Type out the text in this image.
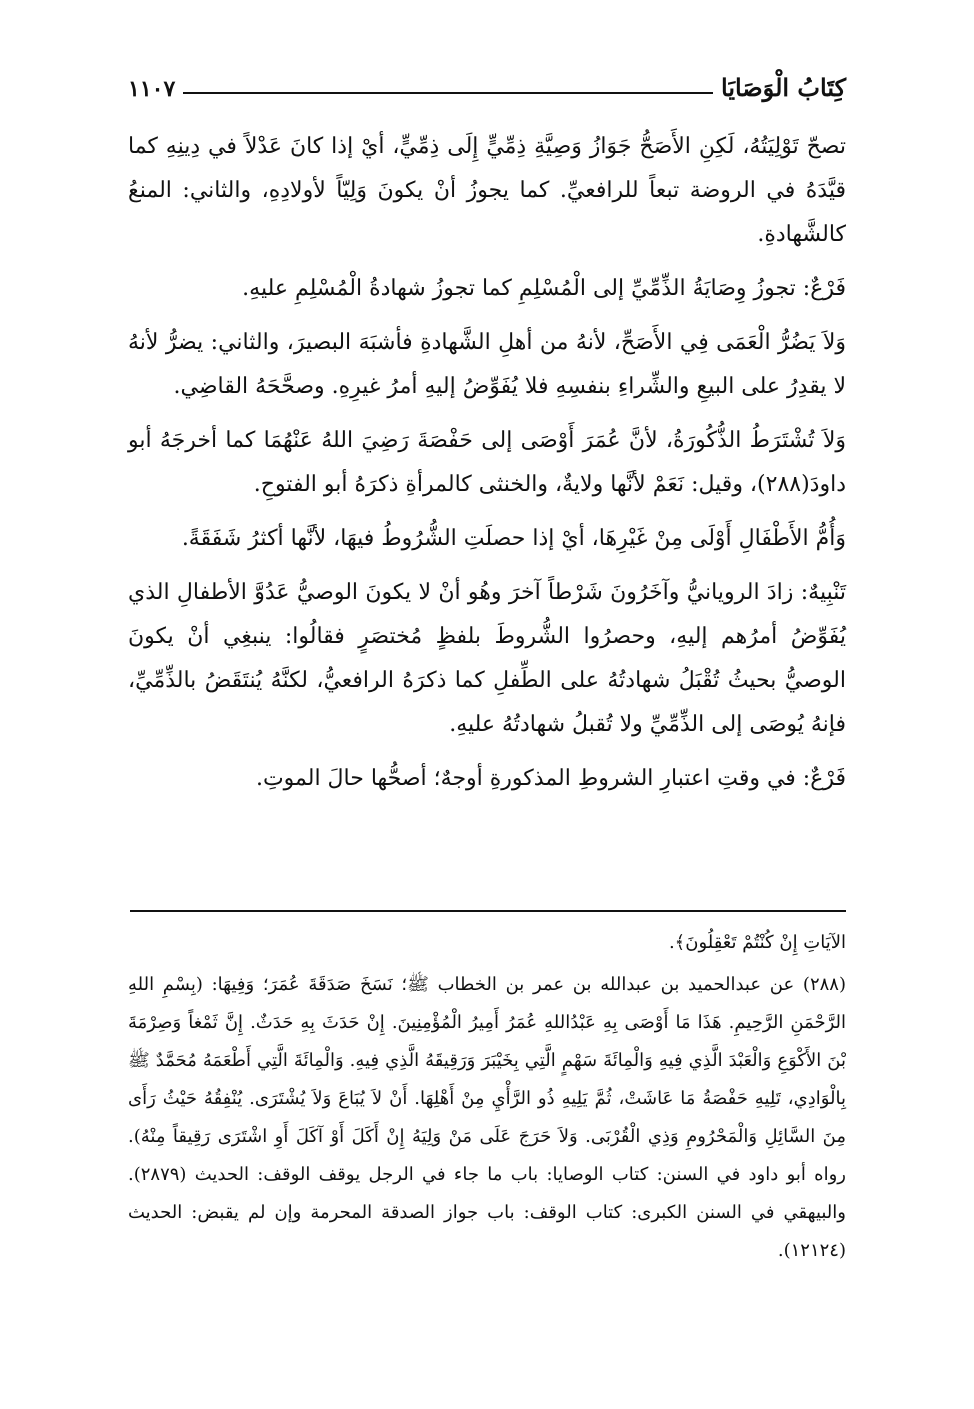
كِتَابُ الْوَصَايَا
١١٠٧

تصحّ تَوْلِيَتُهُ، لَكِنِ الأَصَحُّ جَوَازُ وَصِيَّةِ ذِمِّيٍّ إِلَى ذِمِّيٍّ، أيْ إذا كانَ عَدْلاً في دِينِهِ كما قيَّدَهُ في الروضة تبعاً للرافعيِّ. كما يجوزُ أنْ يكونَ وَلِيّاً لأولادِهِ، والثاني: المنعُ كالشَّهادةِ.

فَرْعٌ: تجوزُ وِصَايَةُ الذِّمِّيِّ إلى الْمُسْلِمِ كما تجوزُ شهادةُ الْمُسْلِمِ عليهِ.

وَلاَ يَضُرُّ الْعَمَى فِي الأَصَحِّ، لأنهُ من أهلِ الشَّهادةِ فأشبَهَ البصيرَ، والثاني: يضرُّ لأنهُ لا يقدِرُ على البيعِ والشِّراءِ بنفسِهِ فلا يُفَوِّضُ إليهِ أمرُ غيرِهِ. وصحَّحَهُ القاضِي.

وَلاَ تُشْتَرَطُ الذُّكُورَةُ، لأنَّ عُمَرَ أَوْصَى إلى حَفْصَةَ رَضِيَ اللهُ عَنْهُمَا كما أخرجَهُ أبو داودَ(٢٨٨)، وقيل: نَعَمْ لأنَّها ولايةٌ، والخنثى كالمرأةِ ذكرَهُ أبو الفتوحِ.

وَأُمُّ الأَطْفَالِ أَوْلَى مِنْ غَيْرِهَا، أيْ إذا حصلَتِ الشُّرُوطُ فيهَا، لأنَّها أكثرُ شَفَقَةً.

تَنْبِيهٌ: زادَ الرويانيُّ وآخَرُونَ شَرْطاً آخرَ وهُو أنْ لا يكونَ الوصيُّ عَدُوَّ الأطفالِ الذي يُفَوِّضُ أمرُهم إليهِ، وحصرُوا الشُّروطَ بلفظٍ مُختصَرٍ فقالُوا: ينبغِي أنْ يكونَ الوصيُّ بحيثُ تُقْبَلُ شهادتُهُ على الطِّفلِ كما ذكرَهُ الرافعيُّ، لكنَّهُ يُنتَقَضُ بالذِّمِّيِّ، فإنهُ يُوصَى إلى الذِّمِّيِّ ولا تُقبلُ شهادتُهُ عليهِ.

فَرْعٌ: في وقتِ اعتبارِ الشروطِ المذكورةِ أوجهٌ؛ أصحُّها حالَ الموتِ.

الآيَاتِ إِنْ كُنْتُمْ تَعْقِلُونَ﴾.

(٢٨٨) عن عبدالحميد بن عبدالله بن عمر بن الخطاب ﷺ؛ نَسَخَ صَدَقَةَ عُمَرَ؛ وَفِيهَا: (بِسْمِ اللهِ الرَّحْمَنِ الرَّحِيمِ. هَذَا مَا أَوْصَى بِهِ عَبْدُاللهِ عُمَرُ أَمِيرُ الْمُؤْمِنِينَ. إِنْ حَدَثَ بِهِ حَدَثٌ. إِنَّ ثَمْغاً وَصِرْمَةَ بْنَ الأَكْوَعِ وَالْعَبْدَ الَّذِي فِيهِ وَالْمِائَةَ سَهْمٍ الَّتِي بِخَيْبَرَ وَرَقِيقَهُ الَّذِي فِيهِ. وَالْمِائَةَ الَّتِي أَطْعَمَهُ مُحَمَّدٌ ﷺ بِالْوَادِي، تَلِيهِ حَفْصَةُ مَا عَاشَتْ، ثُمَّ يَلِيهِ ذُو الرَّأْيِ مِنْ أَهْلِهَا. أَنْ لاَ يُبَاعَ وَلاَ يُشْتَرَى. يُنْفِقُهُ حَيْثُ رَأَى مِنَ السَّائِلِ وَالْمَحْرُومِ وَذِي الْقُرْبَى. وَلاَ حَرَجَ عَلَى مَنْ وَلِيَهُ إِنْ أَكَلَ أَوْ آكَلَ أَوِ اشْتَرَى رَقِيقاً مِنْهُ). رواه أبو داود في السنن: كتاب الوصايا: باب ما جاء في الرجل يوقف الوقف: الحديث (٢٨٧٩). والبيهقي في السنن الكبرى: كتاب الوقف: باب جواز الصدقة المحرمة وإن لم يقبض: الحديث (١٢١٢٤).
